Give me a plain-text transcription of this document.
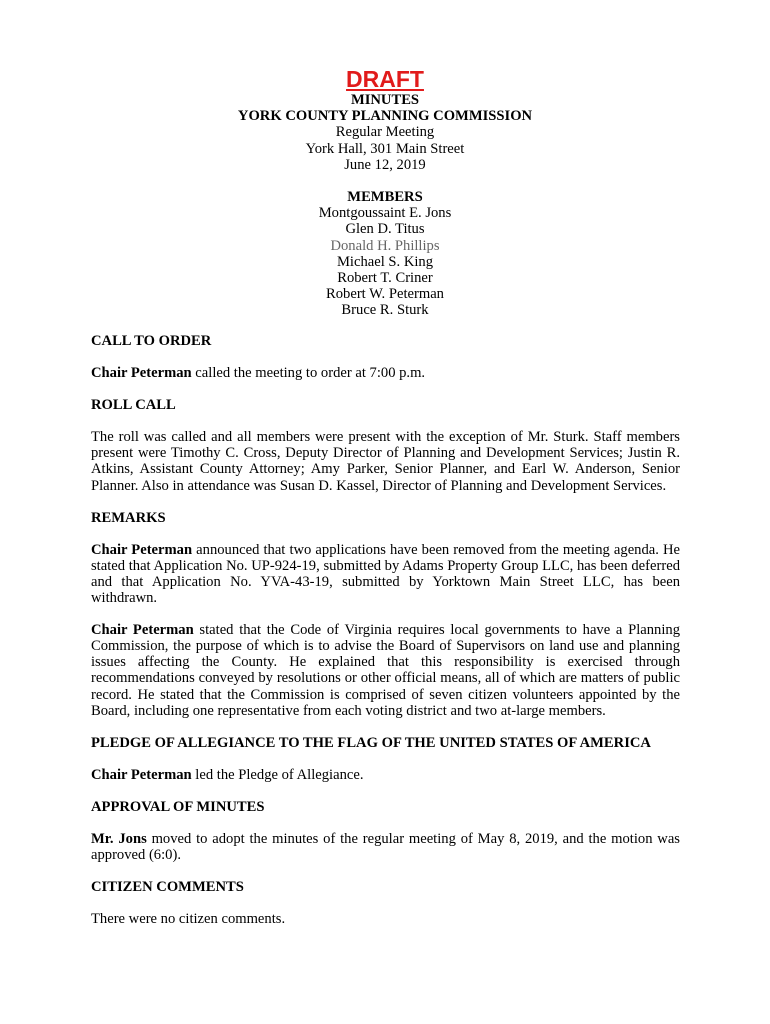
DRAFT
MINUTES
YORK COUNTY PLANNING COMMISSION
Regular Meeting
York Hall, 301 Main Street
June 12, 2019
MEMBERS
Montgoussaint E. Jons
Glen D. Titus
Donald H. Phillips
Michael S. King
Robert T. Criner
Robert W. Peterman
Bruce R. Sturk
CALL TO ORDER

Chair Peterman called the meeting to order at 7:00 p.m.

ROLL CALL

The roll was called and all members were present with the exception of Mr. Sturk. Staff members present were Timothy C. Cross, Deputy Director of Planning and Development Services; Justin R. Atkins, Assistant County Attorney; Amy Parker, Senior Planner, and Earl W. Anderson, Senior Planner. Also in attendance was Susan D. Kassel, Director of Planning and Development Services.

REMARKS

Chair Peterman announced that two applications have been removed from the meeting agenda. He stated that Application No. UP-924-19, submitted by Adams Property Group LLC, has been deferred and that Application No. YVA-43-19, submitted by Yorktown Main Street LLC, has been withdrawn.

Chair Peterman stated that the Code of Virginia requires local governments to have a Planning Commission, the purpose of which is to advise the Board of Supervisors on land use and planning issues affecting the County. He explained that this responsibility is exercised through recommendations conveyed by resolutions or other official means, all of which are matters of public record. He stated that the Commission is comprised of seven citizen volunteers appointed by the Board, including one representative from each voting district and two at-large members.

PLEDGE OF ALLEGIANCE TO THE FLAG OF THE UNITED STATES OF AMERICA

Chair Peterman led the Pledge of Allegiance.

APPROVAL OF MINUTES

Mr. Jons moved to adopt the minutes of the regular meeting of May 8, 2019, and the motion was approved (6:0).

CITIZEN COMMENTS

There were no citizen comments.
